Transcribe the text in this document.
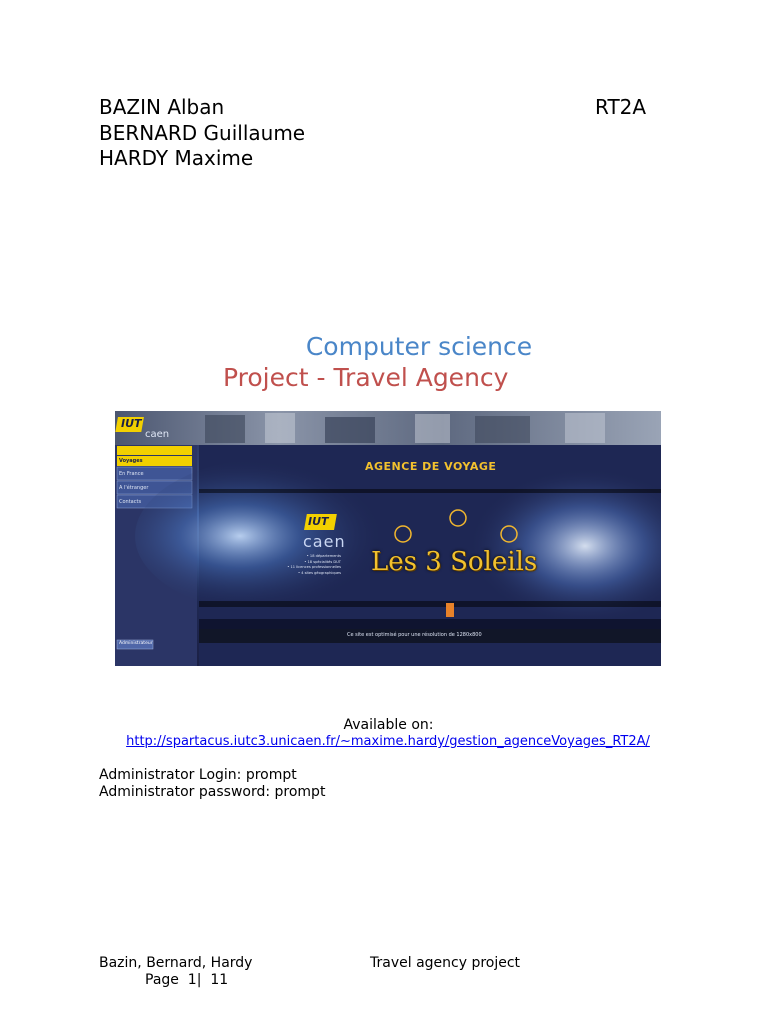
BAZIN Alban
BERNARD Guillaume
HARDY Maxime
RT2A
Computer science
Project - Travel Agency
IUT
caen
Voyages
En France
A l'étranger
Contacts
AGENCE DE VOYAGE
IUT
caen
Les 3 Soleils
• 18 départements
• 18 spécialités DUT
• 11 licences professionnelles
• 4 sites géographiques
Ce site est optimisé pour une résolution de 1280x800
Administrateur
Available on:
http://spartacus.iutc3.unicaen.fr/~maxime.hardy/gestion_agenceVoyages_RT2A/
Administrator Login: prompt
Administrator password: prompt
Bazin, Bernard, Hardy	Travel agency project
Page  1|  11
